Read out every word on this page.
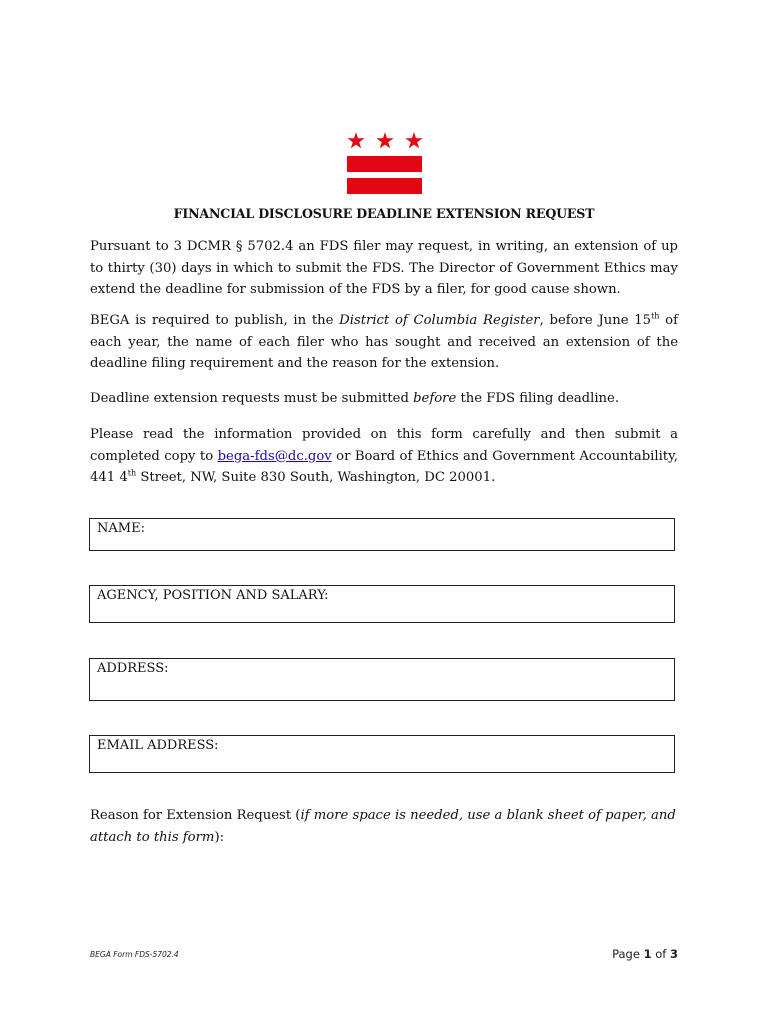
FINANCIAL DISCLOSURE DEADLINE EXTENSION REQUEST

Pursuant to 3 DCMR § 5702.4 an FDS filer may request, in writing, an extension of up to thirty (30) days in which to submit the FDS. The Director of Government Ethics may extend the deadline for submission of the FDS by a filer, for good cause shown.

BEGA is required to publish, in the District of Columbia Register, before June 15th of each year, the name of each filer who has sought and received an extension of the deadline filing requirement and the reason for the extension.

Deadline extension requests must be submitted before the FDS filing deadline.

Please read the information provided on this form carefully and then submit a completed copy to bega-fds@dc.gov or Board of Ethics and Government Accountability, 441 4th Street, NW, Suite 830 South, Washington, DC 20001.

NAME:
AGENCY, POSITION AND SALARY:
ADDRESS:
EMAIL ADDRESS:

Reason for Extension Request (if more space is needed, use a blank sheet of paper, and attach to this form):

BEGA Form FDS-5702.4	Page 1 of 3
